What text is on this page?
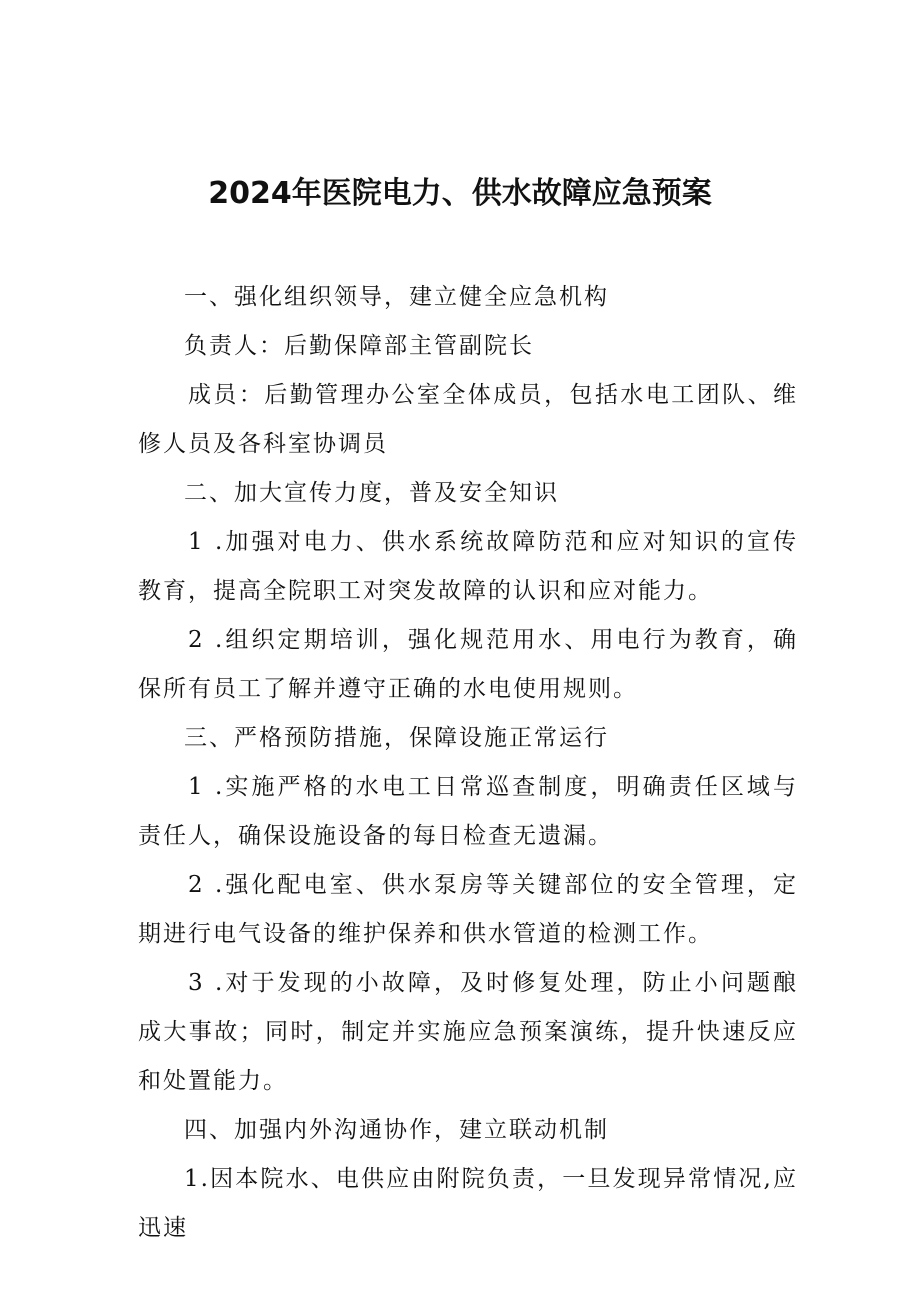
2024年医院电力、供水故障应急预案

一、强化组织领导，建立健全应急机构

负责人：后勤保障部主管副院长

成员：后勤管理办公室全体成员，包括水电工团队、维修人员及各科室协调员

二、加大宣传力度，普及安全知识

1 .加强对电力、供水系统故障防范和应对知识的宣传教育，提高全院职工对突发故障的认识和应对能力。

2 .组织定期培训，强化规范用水、用电行为教育，确保所有员工了解并遵守正确的水电使用规则。

三、严格预防措施，保障设施正常运行

1 .实施严格的水电工日常巡查制度，明确责任区域与责任人，确保设施设备的每日检查无遗漏。

2 .强化配电室、供水泵房等关键部位的安全管理，定期进行电气设备的维护保养和供水管道的检测工作。

3 .对于发现的小故障，及时修复处理，防止小问题酿成大事故；同时，制定并实施应急预案演练，提升快速反应和处置能力。

四、加强内外沟通协作，建立联动机制

1.因本院水、电供应由附院负责，一旦发现异常情况,应迅速
